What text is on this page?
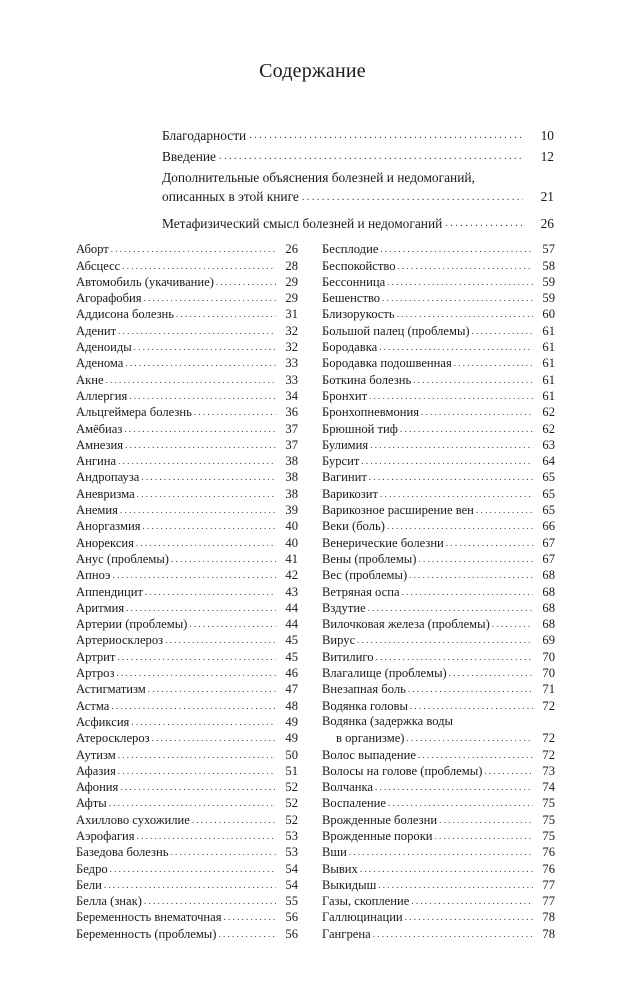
Содержание
Благодарности . . .	10
Введение . . .	12
Дополнительные объяснения болезней и недомоганий,
описанных в этой книге . . .	21
Метафизический смысл болезней и недомоганий . . .	26
Аборт . . .	26
Абсцесс . . .	28
Автомобиль (укачивание) . . .	29
Агорафобия . . .	29
Аддисона болезнь . . .	31
Аденит . . .	32
Аденоиды . . .	32
Аденома . . .	33
Акне . . .	33
Аллергия . . .	34
Альцгеймера болезнь . . .	36
Амёбиаз . . .	37
Амнезия . . .	37
Ангина . . .	38
Андропауза . . .	38
Аневризма . . .	38
Анемия . . .	39
Аноргазмия . . .	40
Анорексия . . .	40
Анус (проблемы) . . .	41
Апноэ . . .	42
Аппендицит . . .	43
Аритмия . . .	44
Артерии (проблемы) . . .	44
Артериосклероз . . .	45
Артрит . . .	45
Артроз . . .	46
Астигматизм . . .	47
Астма . . .	48
Асфиксия . . .	49
Атеросклероз . . .	49
Аутизм . . .	50
Афазия . . .	51
Афония . . .	52
Афты . . .	52
Ахиллово сухожилие . . .	52
Аэрофагия . . .	53
Базедова болезнь . . .	53
Бедро . . .	54
Бели . . .	54
Белла (знак) . . .	55
Беременность внематочная . . .	56
Беременность (проблемы) . . .	56
Бесплодие . . .	57
Беспокойство . . .	58
Бессонница . . .	59
Бешенство . . .	59
Близорукость . . .	60
Большой палец (проблемы) . . .	61
Бородавка . . .	61
Бородавка подошвенная . . .	61
Боткина болезнь . . .	61
Бронхит . . .	61
Бронхопневмония . . .	62
Брюшной тиф . . .	62
Булимия . . .	63
Бурсит . . .	64
Вагинит . . .	65
Варикозит . . .	65
Варикозное расширение вен . . .	65
Веки (боль) . . .	66
Венерические болезни . . .	67
Вены (проблемы) . . .	67
Вес (проблемы) . . .	68
Ветряная оспа . . .	68
Вздутие . . .	68
Вилочковая железа (проблемы) . . .	68
Вирус . . .	69
Витилиго . . .	70
Влагалище (проблемы) . . .	70
Внезапная боль . . .	71
Водянка головы . . .	72
Водянка (задержка воды
в организме) . . .	72
Волос выпадение . . .	72
Волосы на голове (проблемы) . . .	73
Волчанка . . .	74
Воспаление . . .	75
Врожденные болезни . . .	75
Врожденные пороки . . .	75
Вши . . .	76
Вывих . . .	76
Выкидыш . . .	77
Газы, скопление . . .	77
Галлюцинации . . .	78
Гангрена . . .	78
